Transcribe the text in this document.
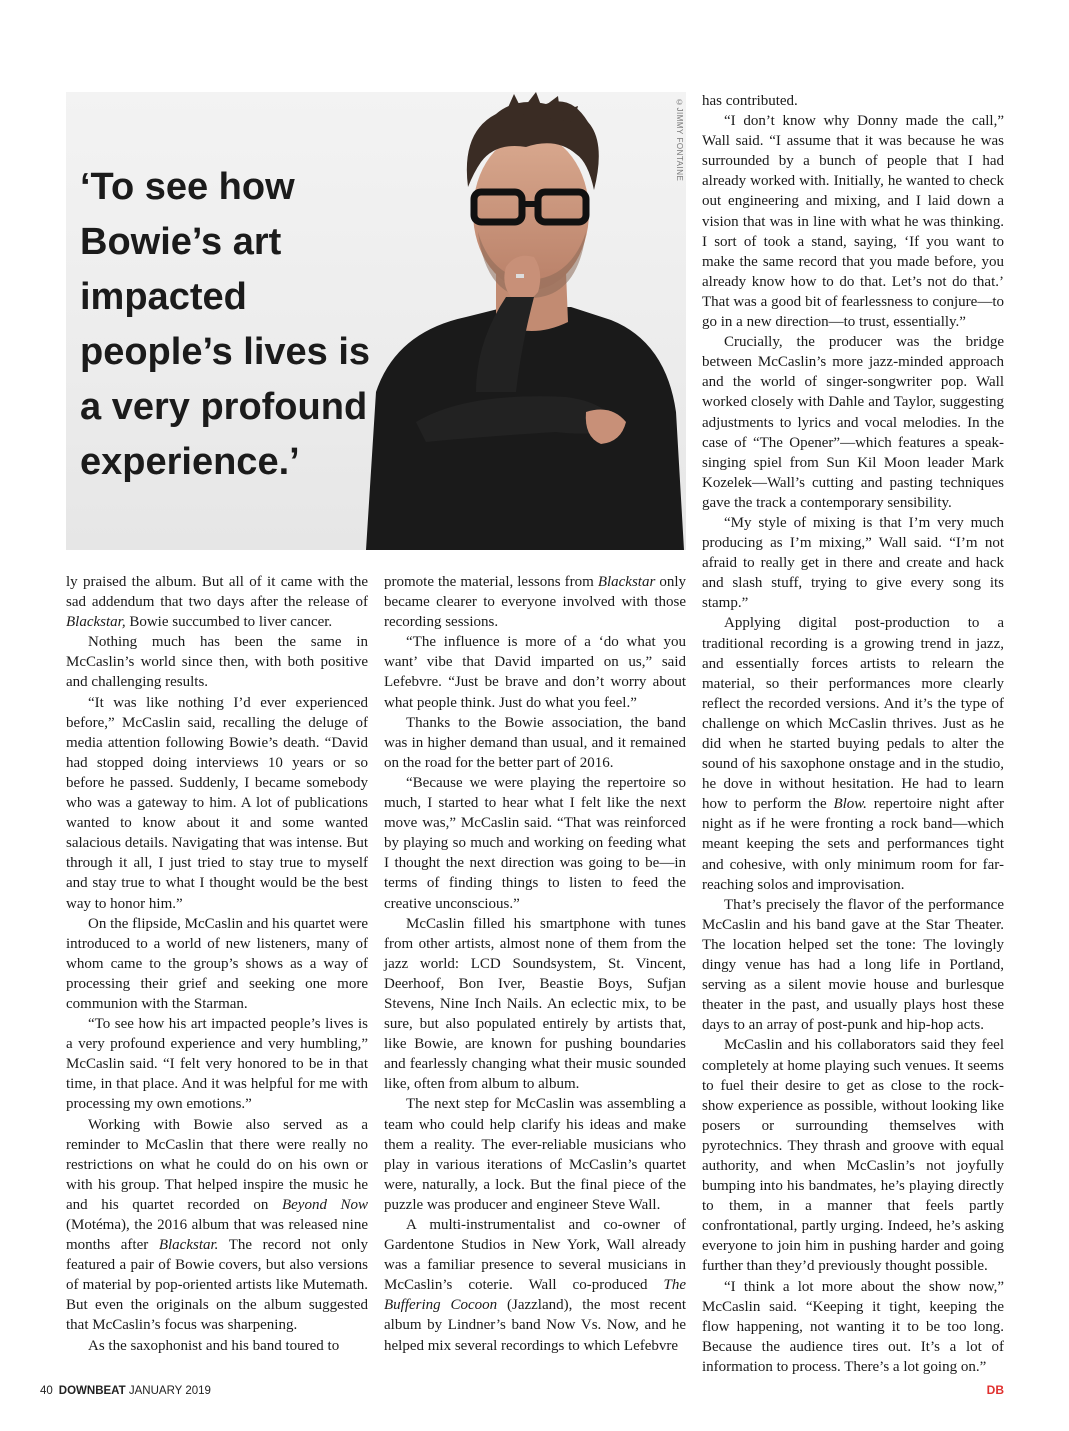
©JIMMY FONTAINE
‘To see how
Bowie’s art impacted
people’s lives is
a very profound
experience.’

ly praised the album. But all of it came with the sad addendum that two days after the release of Blackstar, Bowie succumbed to liver cancer.

Nothing much has been the same in McCaslin’s world since then, with both positive and challenging results.

“It was like nothing I’d ever experienced before,” McCaslin said, recalling the deluge of media attention following Bowie’s death. “David had stopped doing interviews 10 years or so before he passed. Suddenly, I became somebody who was a gateway to him. A lot of publications wanted to know about it and some wanted salacious details. Navigating that was intense. But through it all, I just tried to stay true to myself and stay true to what I thought would be the best way to honor him.”

On the flipside, McCaslin and his quartet were introduced to a world of new listeners, many of whom came to the group’s shows as a way of processing their grief and seeking one more communion with the Starman.

“To see how his art impacted people’s lives is a very profound experience and very humbling,” McCaslin said. “I felt very honored to be in that time, in that place. And it was helpful for me with processing my own emotions.”

Working with Bowie also served as a reminder to McCaslin that there were really no restrictions on what he could do on his own or with his group. That helped inspire the music he and his quartet recorded on Beyond Now (Motéma), the 2016 album that was released nine months after Blackstar. The record not only featured a pair of Bowie covers, but also versions of material by pop-oriented artists like Mutemath. But even the originals on the album suggested that McCaslin’s focus was sharpening.

As the saxophonist and his band toured to

promote the material, lessons from Blackstar only became clearer to everyone involved with those recording sessions.

“The influence is more of a ‘do what you want’ vibe that David imparted on us,” said Lefebvre. “Just be brave and don’t worry about what people think. Just do what you feel.”

Thanks to the Bowie association, the band was in higher demand than usual, and it remained on the road for the better part of 2016.

“Because we were playing the repertoire so much, I started to hear what I felt like the next move was,” McCaslin said. “That was reinforced by playing so much and working on feeding what I thought the next direction was going to be—in terms of finding things to listen to feed the creative unconscious.”

McCaslin filled his smartphone with tunes from other artists, almost none of them from the jazz world: LCD Soundsystem, St. Vincent, Deerhoof, Bon Iver, Beastie Boys, Sufjan Stevens, Nine Inch Nails. An eclectic mix, to be sure, but also populated entirely by artists that, like Bowie, are known for pushing boundaries and fearlessly changing what their music sounded like, often from album to album.

The next step for McCaslin was assembling a team who could help clarify his ideas and make them a reality. The ever-reliable musicians who play in various iterations of McCaslin’s quartet were, naturally, a lock. But the final piece of the puzzle was producer and engineer Steve Wall.

A multi-instrumentalist and co-owner of Gardentone Studios in New York, Wall already was a familiar presence to several musicians in McCaslin’s coterie. Wall co-produced The Buffering Cocoon (Jazzland), the most recent album by Lindner’s band Now Vs. Now, and he helped mix several recordings to which Lefebvre

has contributed.

“I don’t know why Donny made the call,” Wall said. “I assume that it was because he was surrounded by a bunch of people that I had already worked with. Initially, he wanted to check out engineering and mixing, and I laid down a vision that was in line with what he was thinking. I sort of took a stand, saying, ‘If you want to make the same record that you made before, you already know how to do that. Let’s not do that.’ That was a good bit of fearlessness to conjure—to go in a new direction—to trust, essentially.”

Crucially, the producer was the bridge between McCaslin’s more jazz-minded approach and the world of singer-songwriter pop. Wall worked closely with Dahle and Taylor, suggesting adjustments to lyrics and vocal melodies. In the case of “The Opener”—which features a speak-singing spiel from Sun Kil Moon leader Mark Kozelek—Wall’s cutting and pasting techniques gave the track a contemporary sensibility.

“My style of mixing is that I’m very much producing as I’m mixing,” Wall said. “I’m not afraid to really get in there and create and hack and slash stuff, trying to give every song its stamp.”

Applying digital post-production to a traditional recording is a growing trend in jazz, and essentially forces artists to relearn the material, so their performances more clearly reflect the recorded versions. And it’s the type of challenge on which McCaslin thrives. Just as he did when he started buying pedals to alter the sound of his saxophone onstage and in the studio, he dove in without hesitation. He had to learn how to perform the Blow. repertoire night after night as if he were fronting a rock band—which meant keeping the sets and performances tight and cohesive, with only minimum room for far-reaching solos and improvisation.

That’s precisely the flavor of the performance McCaslin and his band gave at the Star Theater. The location helped set the tone: The lovingly dingy venue has had a long life in Portland, serving as a silent movie house and burlesque theater in the past, and usually plays host these days to an array of post-punk and hip-hop acts.

McCaslin and his collaborators said they feel completely at home playing such venues. It seems to fuel their desire to get as close to the rock-show experience as possible, without looking like posers or surrounding themselves with pyrotechnics. They thrash and groove with equal authority, and when McCaslin’s not joyfully bumping into his bandmates, he’s playing directly to them, in a manner that feels partly confrontational, partly urging. Indeed, he’s asking everyone to join him in pushing harder and going further than they’d previously thought possible.

“I think a lot more about the show now,” McCaslin said. “Keeping it tight, keeping the flow happening, not wanting it to be too long. Because the audience tires out. It’s a lot of information to process. There’s a lot going on.”
DB

40 DOWNBEAT JANUARY 2019
